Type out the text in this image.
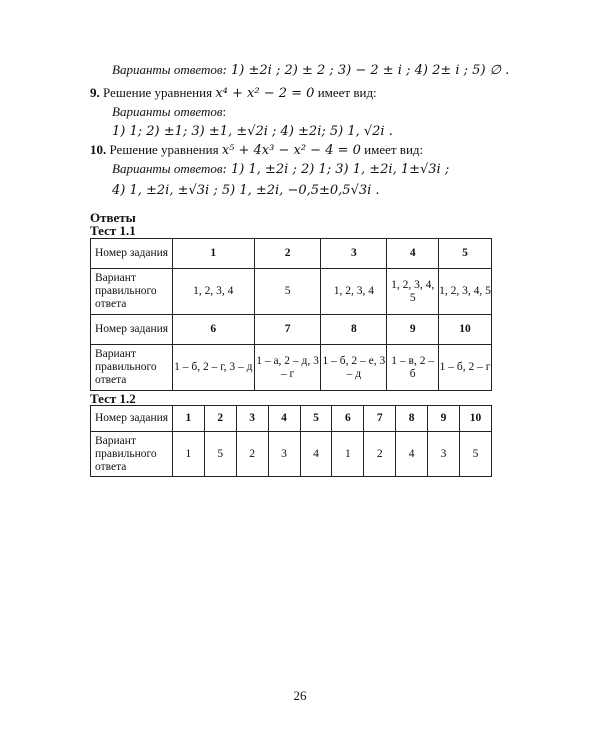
Варианты ответов: 1) ±2i ; 2) ± 2 ; 3) − 2 ± i ; 4) 2± i ; 5) ∅ .
9. Решение уравнения x⁴ + x² − 2 = 0 имеет вид:
Варианты ответов:
1) 1; 2) ±1; 3) ±1, ±√2i ; 4) ±2i; 5) 1, √2i .
10. Решение уравнения x⁵ + 4x³ − x² − 4 = 0 имеет вид:
Варианты ответов: 1) 1, ±2i ; 2) 1; 3) 1, ±2i, 1±√3i ;
4) 1, ±2i, ±√3i ; 5) 1, ±2i, −0,5±0,5√3i .
Ответы
Тест 1.1
Номер задания	1	2	3	4	5
Вариант правильного ответа	1, 2, 3, 4	5	1, 2, 3, 4	1, 2, 3, 4, 5	1, 2, 3, 4, 5
Номер задания	6	7	8	9	10
Вариант правильного ответа	1 – б, 2 – г, 3 – д	1 – а, 2 – д, 3 – г	1 – б, 2 – е, 3 – д	1 – в, 2 – б	1 – б, 2 – г
Тест 1.2
Номер задания	1	2	3	4	5	6	7	8	9	10
Вариант правильного ответа	1	5	2	3	4	1	2	4	3	5
26
